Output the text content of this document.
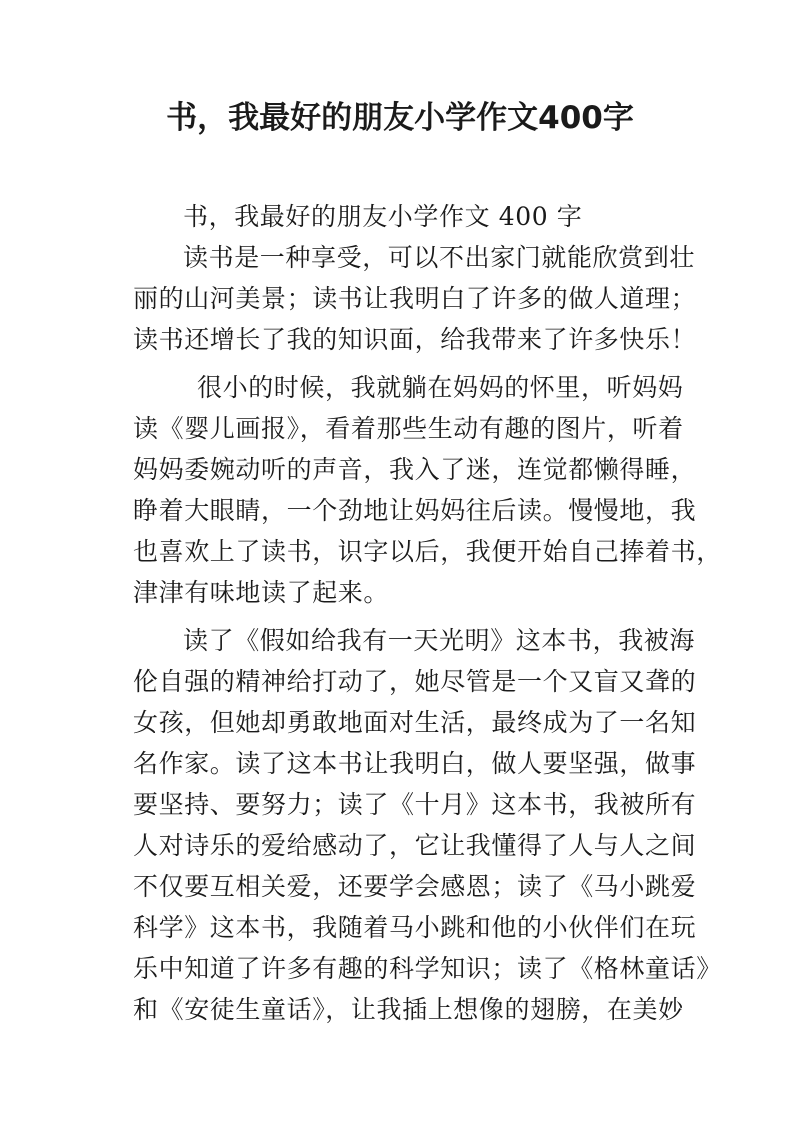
书，我最好的朋友小学作文400字
书，我最好的朋友小学作文 400 字
读书是一种享受，可以不出家门就能欣赏到壮
丽的山河美景；读书让我明白了许多的做人道理；
读书还增长了我的知识面，给我带来了许多快乐！
很小的时候，我就躺在妈妈的怀里，听妈妈
读《婴儿画报》，看着那些生动有趣的图片，听着
妈妈委婉动听的声音，我入了迷，连觉都懒得睡，
睁着大眼睛，一个劲地让妈妈往后读。慢慢地，我
也喜欢上了读书，识字以后，我便开始自己捧着书，
津津有味地读了起来。
读了《假如给我有一天光明》这本书，我被海
伦自强的精神给打动了，她尽管是一个又盲又聋的
女孩，但她却勇敢地面对生活，最终成为了一名知
名作家。读了这本书让我明白，做人要坚强，做事
要坚持、要努力；读了《十月》这本书，我被所有
人对诗乐的爱给感动了，它让我懂得了人与人之间
不仅要互相关爱，还要学会感恩；读了《马小跳爱
科学》这本书，我随着马小跳和他的小伙伴们在玩
乐中知道了许多有趣的科学知识；读了《格林童话》
和《安徒生童话》，让我插上想像的翅膀，在美妙
